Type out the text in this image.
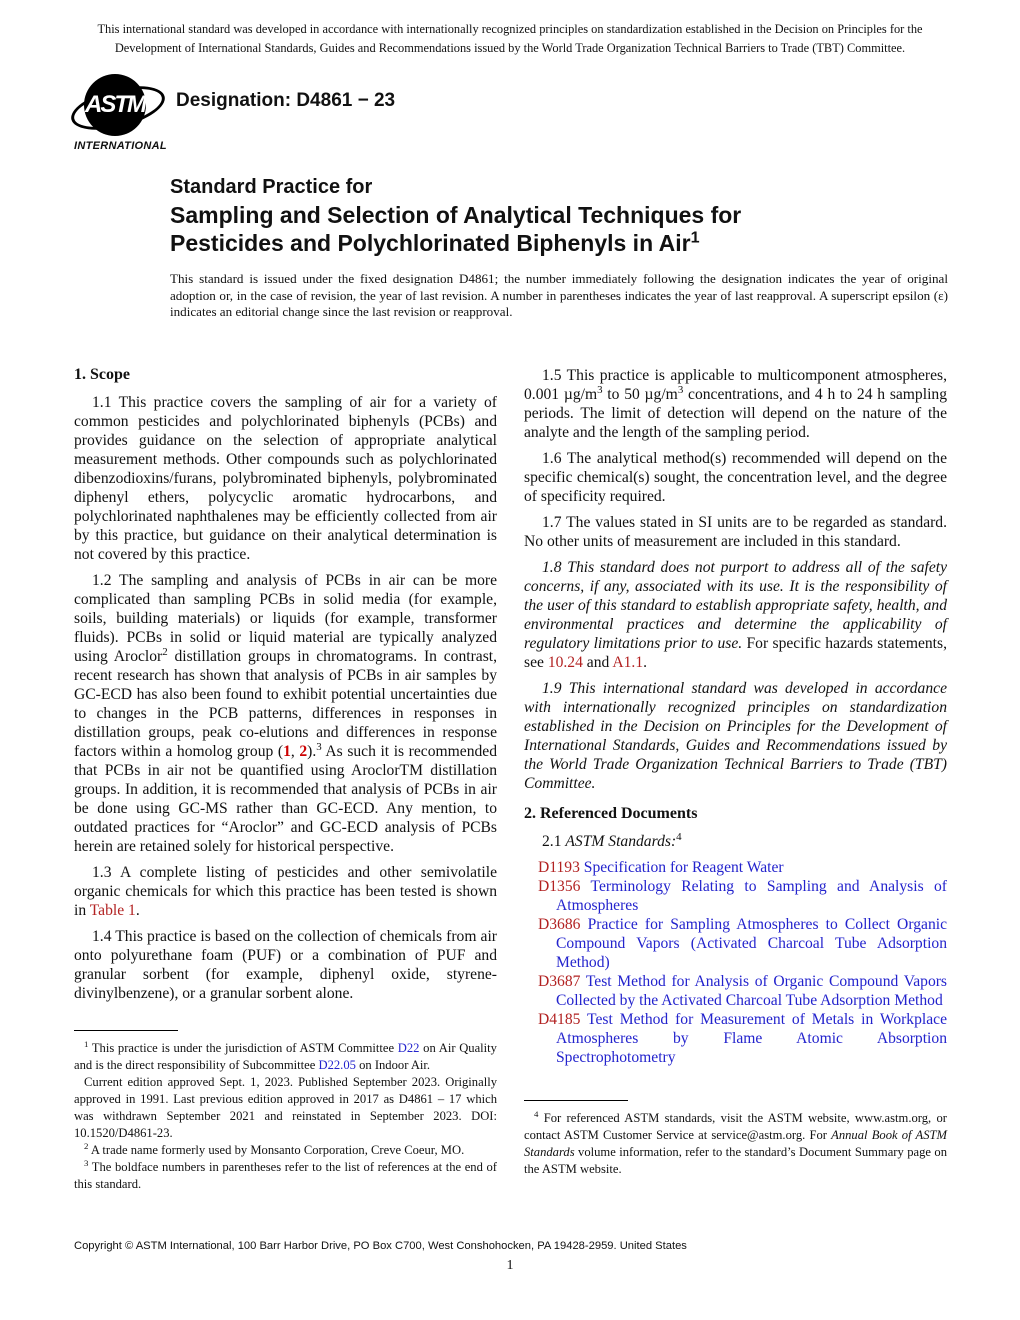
This international standard was developed in accordance with internationally recognized principles on standardization established in the Decision on Principles for the Development of International Standards, Guides and Recommendations issued by the World Trade Organization Technical Barriers to Trade (TBT) Committee.
ASTM
INTERNATIONAL
Designation: D4861 − 23
Standard Practice for
Sampling and Selection of Analytical Techniques for
Pesticides and Polychlorinated Biphenyls in Air$^1$
This standard is issued under the fixed designation D4861; the number immediately following the designation indicates the year of original adoption or, in the case of revision, the year of last revision. A number in parentheses indicates the year of last reapproval. A superscript epsilon (ε) indicates an editorial change since the last revision or reapproval.
1. Scope

1.1 This practice covers the sampling of air for a variety of common pesticides and polychlorinated biphenyls (PCBs) and provides guidance on the selection of appropriate analytical measurement methods. Other compounds such as polychlorinated dibenzodioxins/furans, polybrominated biphenyls, polybrominated diphenyl ethers, polycyclic aromatic hydrocarbons, and polychlorinated naphthalenes may be efficiently collected from air by this practice, but guidance on their analytical determination is not covered by this practice.

1.2 The sampling and analysis of PCBs in air can be more complicated than sampling PCBs in solid media (for example, soils, building materials) or liquids (for example, transformer fluids). PCBs in solid or liquid material are typically analyzed using Aroclor$^2$ distillation groups in chromatograms. In contrast, recent research has shown that analysis of PCBs in air samples by GC-ECD has also been found to exhibit potential uncertainties due to changes in the PCB patterns, differences in responses in distillation groups, peak co-elutions and differences in response factors within a homolog group (1, 2).$^3$ As such it is recommended that PCBs in air not be quantified using AroclorTM distillation groups. In addition, it is recommended that analysis of PCBs in air be done using GC-MS rather than GC-ECD. Any mention, to outdated practices for “Aroclor” and GC-ECD analysis of PCBs herein are retained solely for historical perspective.

1.3 A complete listing of pesticides and other semivolatile organic chemicals for which this practice has been tested is shown in Table 1.

1.4 This practice is based on the collection of chemicals from air onto polyurethane foam (PUF) or a combination of PUF and granular sorbent (for example, diphenyl oxide, styrene-divinylbenzene), or a granular sorbent alone.

1.5 This practice is applicable to multicomponent atmospheres, 0.001 $\mu g/m^3$ to 50 $\mu g/m^3$ concentrations, and 4 h to 24 h sampling periods. The limit of detection will depend on the nature of the analyte and the length of the sampling period.

1.6 The analytical method(s) recommended will depend on the specific chemical(s) sought, the concentration level, and the degree of specificity required.

1.7 The values stated in SI units are to be regarded as standard. No other units of measurement are included in this standard.

1.8 This standard does not purport to address all of the safety concerns, if any, associated with its use. It is the responsibility of the user of this standard to establish appropriate safety, health, and environmental practices and determine the applicability of regulatory limitations prior to use. For specific hazards statements, see 10.24 and A1.1.

1.9 This international standard was developed in accordance with internationally recognized principles on standardization established in the Decision on Principles for the Development of International Standards, Guides and Recommendations issued by the World Trade Organization Technical Barriers to Trade (TBT) Committee.

2. Referenced Documents

2.1 ASTM Standards:$^4$

D1193 Specification for Reagent Water
D1356 Terminology Relating to Sampling and Analysis of Atmospheres
D3686 Practice for Sampling Atmospheres to Collect Organic Compound Vapors (Activated Charcoal Tube Adsorption Method)
D3687 Test Method for Analysis of Organic Compound Vapors Collected by the Activated Charcoal Tube Adsorption Method
D4185 Test Method for Measurement of Metals in Workplace Atmospheres by Flame Atomic Absorption Spectrophotometry

$^1$ This practice is under the jurisdiction of ASTM Committee D22 on Air Quality and is the direct responsibility of Subcommittee D22.05 on Indoor Air.

Current edition approved Sept. 1, 2023. Published September 2023. Originally approved in 1991. Last previous edition approved in 2017 as D4861 – 17 which was withdrawn September 2021 and reinstated in September 2023. DOI: 10.1520/D4861-23.

$^2$ A trade name formerly used by Monsanto Corporation, Creve Coeur, MO.

$^3$ The boldface numbers in parentheses refer to the list of references at the end of this standard.

$^4$ For referenced ASTM standards, visit the ASTM website, www.astm.org, or contact ASTM Customer Service at service@astm.org. For Annual Book of ASTM Standards volume information, refer to the standard’s Document Summary page on the ASTM website.

Copyright © ASTM International, 100 Barr Harbor Drive, PO Box C700, West Conshohocken, PA 19428-2959. United States
1
